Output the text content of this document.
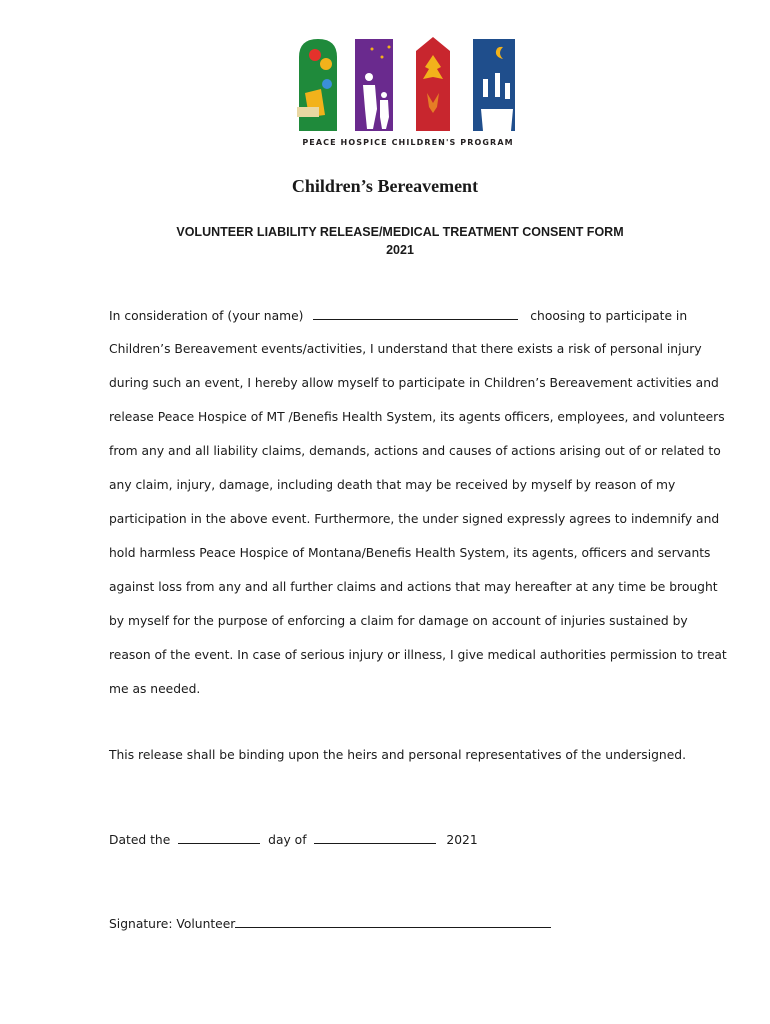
PEACE HOSPICE CHILDREN'S PROGRAM
Children’s Bereavement
VOLUNTEER LIABILITY RELEASE/MEDICAL TREATMENT CONSENT FORM
2021
In consideration of (your name)	choosing to participate in
Children’s Bereavement events/activities, I understand that there exists a risk of personal injury
during such an event, I hereby allow myself to participate in Children’s Bereavement activities and
release Peace Hospice of MT /Benefis Health System, its agents officers, employees, and volunteers
from any and all liability claims, demands, actions and causes of actions arising out of or related to
any claim, injury, damage, including death that may be received by myself by reason of my
participation in the above event. Furthermore, the under signed expressly agrees to indemnify and
hold harmless Peace Hospice of Montana/Benefis Health System, its agents, officers and servants
against loss from any and all further claims and actions that may hereafter at any time be brought
by myself for the purpose of enforcing a claim for damage on account of injuries sustained by
reason of the event. In case of serious injury or illness, I give medical authorities permission to treat
me as needed.
This release shall be binding upon the heirs and personal representatives of the undersigned.
Dated the	day of	2021
Signature: Volunteer
